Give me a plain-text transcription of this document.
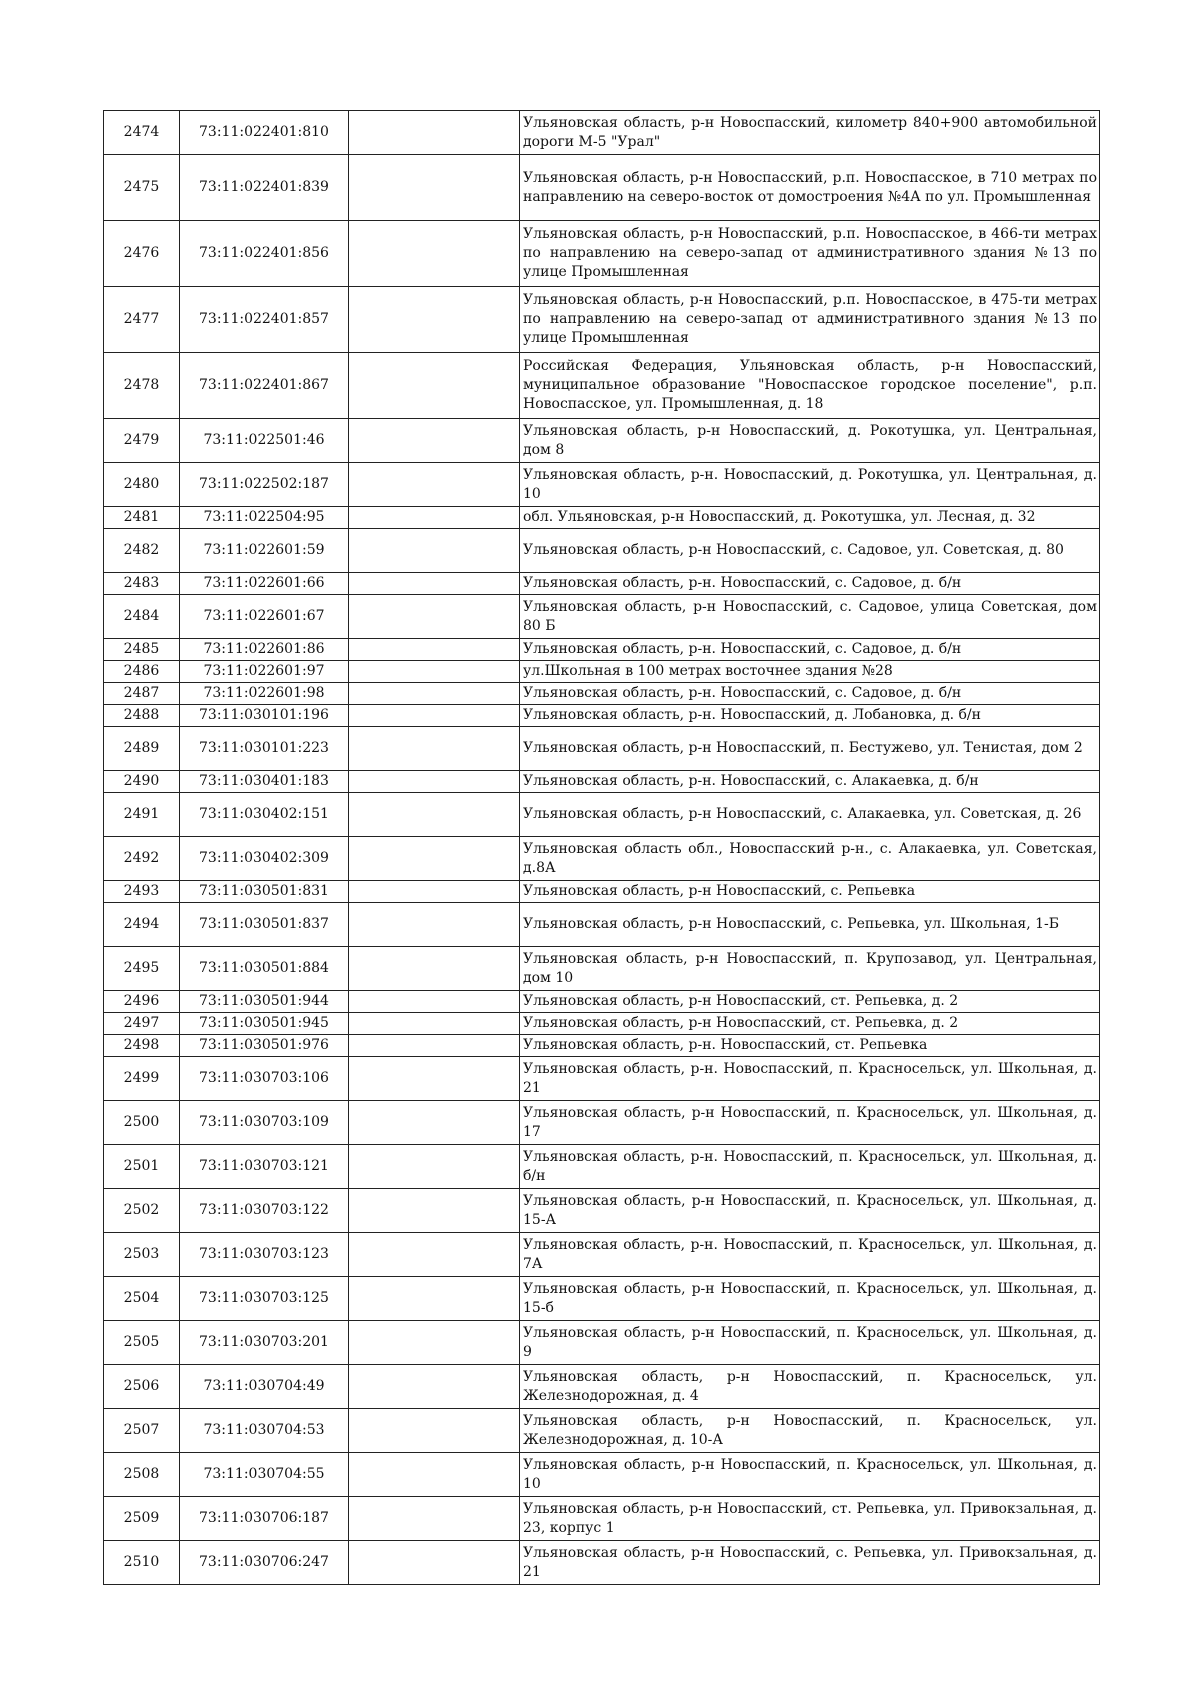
2474	73:11:022401:810		Ульяновская область, р-н Новоспасский, километр 840+900 автомобильной дороги М-5 "Урал"
2475	73:11:022401:839		Ульяновская область, р-н Новоспасский, р.п. Новоспасское, в 710 метрах по направлению на северо-восток от домостроения №4А по ул. Промышленная
2476	73:11:022401:856		Ульяновская область, р-н Новоспасский, р.п. Новоспасское, в 466-ти метрах по направлению на северо-запад от административного здания №13 по улице Промышленная
2477	73:11:022401:857		Ульяновская область, р-н Новоспасский, р.п. Новоспасское, в 475-ти метрах по направлению на северо-запад от административного здания №13 по улице Промышленная
2478	73:11:022401:867		Российская Федерация, Ульяновская область, р-н Новоспасский, муниципальное образование "Новоспасское городское поселение", р.п. Новоспасское, ул. Промышленная, д. 18
2479	73:11:022501:46		Ульяновская область, р-н Новоспасский, д. Рокотушка, ул. Центральная, дом 8
2480	73:11:022502:187		Ульяновская область, р-н. Новоспасский, д. Рокотушка, ул. Центральная, д. 10
2481	73:11:022504:95		обл. Ульяновская, р-н Новоспасский, д. Рокотушка, ул. Лесная, д. 32
2482	73:11:022601:59		Ульяновская область, р-н Новоспасский, с. Садовое, ул. Советская, д. 80
2483	73:11:022601:66		Ульяновская область, р-н. Новоспасский, с. Садовое, д. б/н
2484	73:11:022601:67		Ульяновская область, р-н Новоспасский, с. Садовое, улица Советская, дом 80 Б
2485	73:11:022601:86		Ульяновская область, р-н. Новоспасский, с. Садовое, д. б/н
2486	73:11:022601:97		ул.Школьная в 100 метрах восточнее здания №28
2487	73:11:022601:98		Ульяновская область, р-н. Новоспасский, с. Садовое, д. б/н
2488	73:11:030101:196		Ульяновская область, р-н. Новоспасский, д. Лобановка, д. б/н
2489	73:11:030101:223		Ульяновская область, р-н Новоспасский, п. Бестужево, ул. Тенистая, дом 2
2490	73:11:030401:183		Ульяновская область, р-н. Новоспасский, с. Алакаевка, д. б/н
2491	73:11:030402:151		Ульяновская область, р-н Новоспасский, с. Алакаевка, ул. Советская, д. 26
2492	73:11:030402:309		Ульяновская область обл., Новоспасский р-н., с. Алакаевка, ул. Советская, д.8А
2493	73:11:030501:831		Ульяновская область, р-н Новоспасский, с. Репьевка
2494	73:11:030501:837		Ульяновская область, р-н Новоспасский, с. Репьевка, ул. Школьная, 1-Б
2495	73:11:030501:884		Ульяновская область, р-н Новоспасский, п. Крупозавод, ул. Центральная, дом 10
2496	73:11:030501:944		Ульяновская область, р-н Новоспасский, ст. Репьевка, д. 2
2497	73:11:030501:945		Ульяновская область, р-н Новоспасский, ст. Репьевка, д. 2
2498	73:11:030501:976		Ульяновская область, р-н. Новоспасский, ст. Репьевка
2499	73:11:030703:106		Ульяновская область, р-н. Новоспасский, п. Красносельск, ул. Школьная, д. 21
2500	73:11:030703:109		Ульяновская область, р-н Новоспасский, п. Красносельск, ул. Школьная, д. 17
2501	73:11:030703:121		Ульяновская область, р-н. Новоспасский, п. Красносельск, ул. Школьная, д. б/н
2502	73:11:030703:122		Ульяновская область, р-н Новоспасский, п. Красносельск, ул. Школьная, д. 15-А
2503	73:11:030703:123		Ульяновская область, р-н. Новоспасский, п. Красносельск, ул. Школьная, д. 7А
2504	73:11:030703:125		Ульяновская область, р-н Новоспасский, п. Красносельск, ул. Школьная, д. 15-б
2505	73:11:030703:201		Ульяновская область, р-н Новоспасский, п. Красносельск, ул. Школьная, д. 9
2506	73:11:030704:49		Ульяновская область, р-н Новоспасский, п. Красносельск, ул. Железнодорожная, д. 4
2507	73:11:030704:53		Ульяновская область, р-н Новоспасский, п. Красносельск, ул. Железнодорожная, д. 10-А
2508	73:11:030704:55		Ульяновская область, р-н Новоспасский, п. Красносельск, ул. Школьная, д. 10
2509	73:11:030706:187		Ульяновская область, р-н Новоспасский, ст. Репьевка, ул. Привокзальная, д. 23, корпус 1
2510	73:11:030706:247		Ульяновская область, р-н Новоспасский, с. Репьевка, ул. Привокзальная, д. 21
